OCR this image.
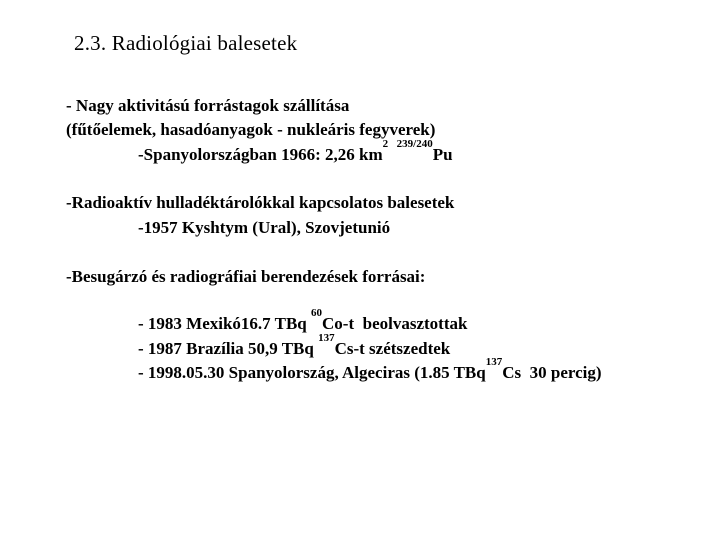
2.3. Radiológiai balesetek
- Nagy aktivitású forrástagok szállítása
(fűtőelemek, hasadóanyagok - nukleáris fegyverek)
-Spanyolországban 1966: 2,26 $km^2$ $^{239/240}$Pu
-Radioaktív hulladéktárolókkal kapcsolatos balesetek
-1957 Kyshtym (Ural), Szovjetunió
-Besugárzó és radiográfiai berendezések forrásai:
- 1983 Mexikó16.7 TBq $^{60}$Co-t  beolvasztottak
- 1987 Brazília 50,9 TBq $^{137}$Cs-t szétszedtek
- 1998.05.30 Spanyolország, Algeciras (1.85 TBq$^{137}$Cs  30 percig)
